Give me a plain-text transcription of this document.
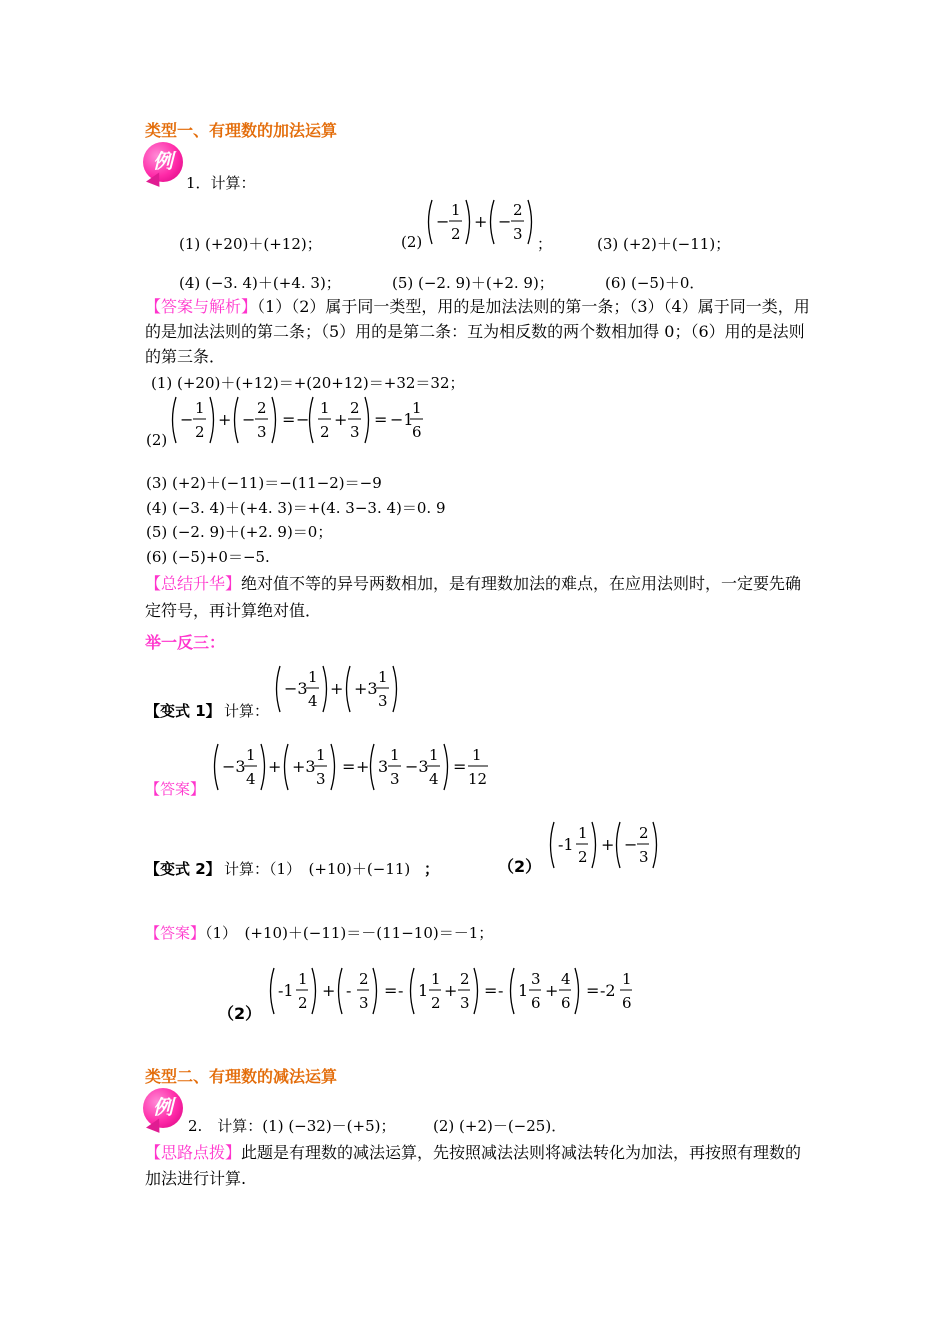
类型一、有理数的加法运算
例
1．计算：
(1) (+20)＋(+12)；	(2)
−
1
2
+ −
2
3
；	(3) (+2)＋(−11)；
(4) (−3. 4)＋(+4. 3)；	(5) (−2. 9)＋(+2. 9)；	(6) (−5)＋0．
【答案与解析】（1）（2）属于同一类型，用的是加法法则的第一条；（3）（4）属于同一类，用的是加法法则的第二条；（5）用的是第二条：互为相反数的两个数相加得 0；（6）用的是法则的第三条．
(1) (+20)＋(+12)＝+(20+12)＝+32＝32；
(2)
−
1
2
+ −
2
3
= −
1
2
+
2
3
= −1
1
6
(3) (+2)＋(−11)＝−(11−2)＝−9
(4) (−3. 4)＋(+4. 3)＝+(4. 3−3. 4)＝0. 9
(5) (−2. 9)＋(+2. 9)＝0；
(6) (−5)+0＝−5.
【总结升华】绝对值不等的异号两数相加，是有理数加法的难点，在应用法则时，一定要先确定符号，再计算绝对值．
举一反三：
【变式 1】 计算：
−3
1
4
+ +3
1
3
【答案】
−3
1
4
+ +3
1
3
= + 3
1
3
−3
1
4
=
1
12
【变式 2】 计算：（1）　(+10)＋(−11) ；	（2）
-1
1
2
+ −
2
3
【答案】（1）　(+10)＋(−11)＝－(11−10)＝－1；
（2）
-1
1
2
+ -
2
3
= - 1
1
2
+
2
3
= - 1
3
6
+
4
6
= -2
1
6
类型二、有理数的减法运算
例
2.　计算：(1) (−32)－(+5)；　　　(2) (+2)－(−25)．
【思路点拨】此题是有理数的减法运算，先按照减法法则将减法转化为加法，再按照有理数的加法进行计算.
